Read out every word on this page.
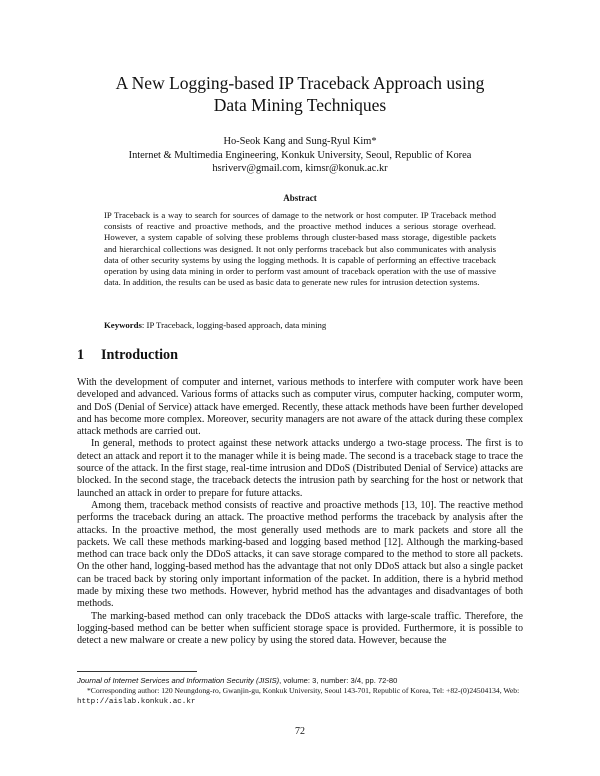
A New Logging-based IP Traceback Approach using
Data Mining Techniques
Ho-Seok Kang and Sung-Ryul Kim*
Internet & Multimedia Engineering, Konkuk University, Seoul, Republic of Korea
hsriverv@gmail.com, kimsr@konuk.ac.kr
Abstract
IP Traceback is a way to search for sources of damage to the network or host computer. IP Traceback method consists of reactive and proactive methods, and the proactive method induces a serious storage overhead. However, a system capable of solving these problems through cluster-based mass storage, digestible packets and hierarchical collections was designed. It not only performs traceback but also communicates with analysis data of other security systems by using the logging methods. It is capable of performing an effective traceback operation by using data mining in order to perform vast amount of traceback operation with the use of massive data. In addition, the results can be used as basic data to generate new rules for intrusion detection systems.
Keywords: IP Traceback, logging-based approach, data mining
1 Introduction

With the development of computer and internet, various methods to interfere with computer work have been developed and advanced. Various forms of attacks such as computer virus, computer hacking, computer worm, and DoS (Denial of Service) attack have emerged. Recently, these attack methods have been further developed and has become more complex. Moreover, security managers are not aware of the attack during these complex attack methods are carried out.

In general, methods to protect against these network attacks undergo a two-stage process. The first is to detect an attack and report it to the manager while it is being made. The second is a traceback stage to trace the source of the attack. In the first stage, real-time intrusion and DDoS (Distributed Denial of Service) attacks are blocked. In the second stage, the traceback detects the intrusion path by searching for the host or network that launched an attack in order to prepare for future attacks.

Among them, traceback method consists of reactive and proactive methods [13, 10]. The reactive method performs the traceback during an attack. The proactive method performs the traceback by analysis after the attacks. In the proactive method, the most generally used methods are to mark packets and store all the packets. We call these methods marking-based and logging based method [12]. Although the marking-based method can trace back only the DDoS attacks, it can save storage compared to the method to store all packets. On the other hand, logging-based method has the advantage that not only DDoS attack but also a single packet can be traced back by storing only important information of the packet. In addition, there is a hybrid method made by mixing these two methods. However, hybrid method has the advantages and disadvantages of both methods.

The marking-based method can only traceback the DDoS attacks with large-scale traffic. Therefore, the logging-based method can be better when sufficient storage space is provided. Furthermore, it is possible to detect a new malware or create a new policy by using the stored data. However, because the

Journal of Internet Services and Information Security (JISIS), volume: 3, number: 3/4, pp. 72-80
*Corresponding author: 120 Neungdong-ro, Gwanjin-gu, Konkuk University, Seoul 143-701, Republic of Korea, Tel: +82-(0)24504134, Web: http://aislab.konkuk.ac.kr
72
